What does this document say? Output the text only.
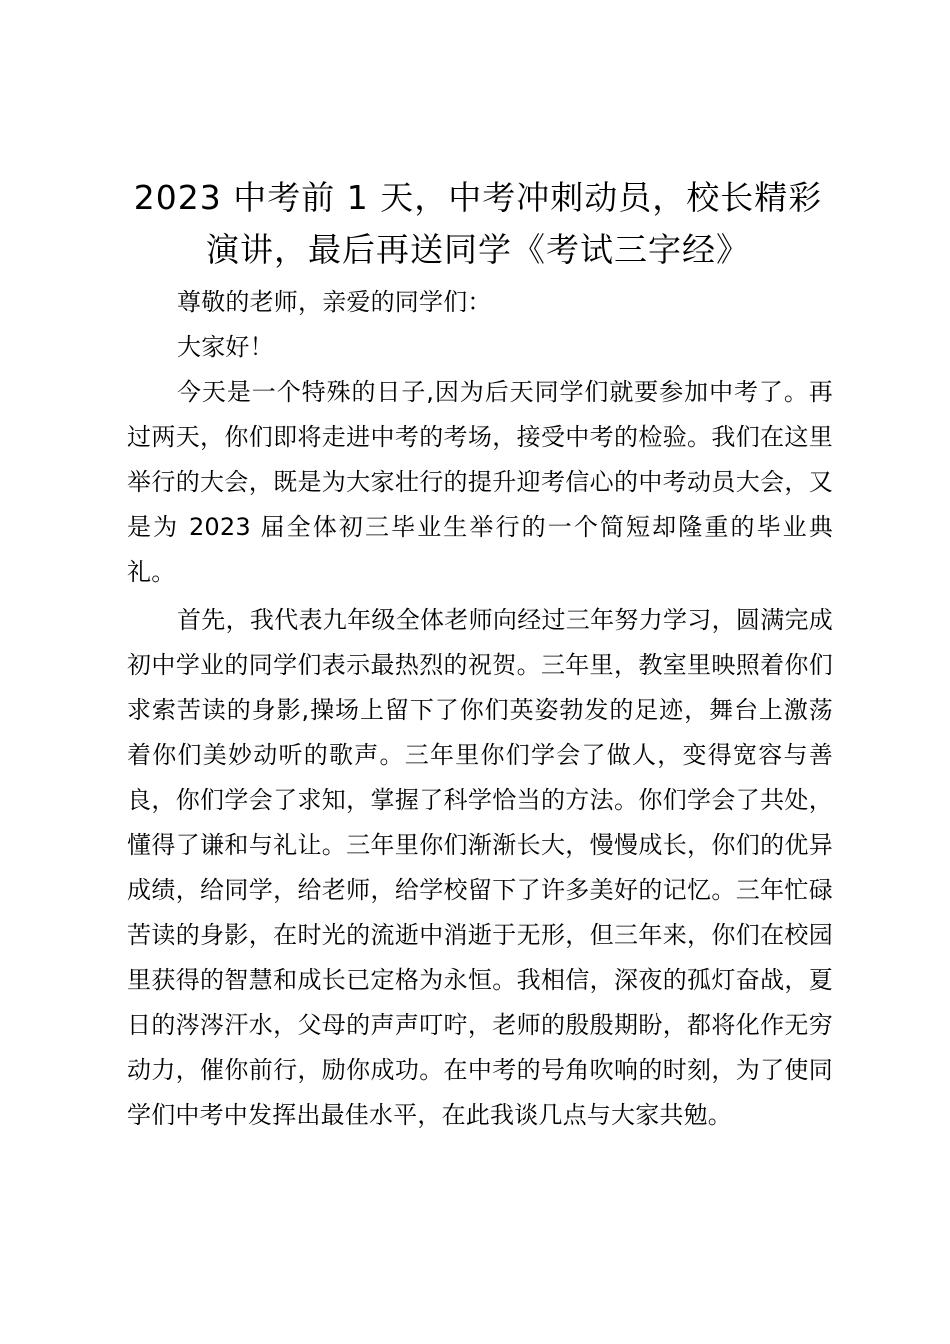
2023 中考前 1 天，中考冲刺动员，校长精彩演讲，最后再送同学《考试三字经》

尊敬的老师，亲爱的同学们：

大家好！

今天是一个特殊的日子,因为后天同学们就要参加中考了。再过两天，你们即将走进中考的考场，接受中考的检验。我们在这里举行的大会，既是为大家壮行的提升迎考信心的中考动员大会，又是为 2023 届全体初三毕业生举行的一个简短却隆重的毕业典礼。

首先，我代表九年级全体老师向经过三年努力学习，圆满完成初中学业的同学们表示最热烈的祝贺。三年里，教室里映照着你们求索苦读的身影,操场上留下了你们英姿勃发的足迹，舞台上激荡着你们美妙动听的歌声。三年里你们学会了做人，变得宽容与善良，你们学会了求知，掌握了科学恰当的方法。你们学会了共处，懂得了谦和与礼让。三年里你们渐渐长大，慢慢成长，你们的优异成绩，给同学，给老师，给学校留下了许多美好的记忆。三年忙碌苦读的身影，在时光的流逝中消逝于无形，但三年来，你们在校园里获得的智慧和成长已定格为永恒。我相信，深夜的孤灯奋战，夏日的涔涔汗水，父母的声声叮咛，老师的殷殷期盼，都将化作无穷动力，催你前行，励你成功。在中考的号角吹响的时刻，为了使同学们中考中发挥出最佳水平，在此我谈几点与大家共勉。
